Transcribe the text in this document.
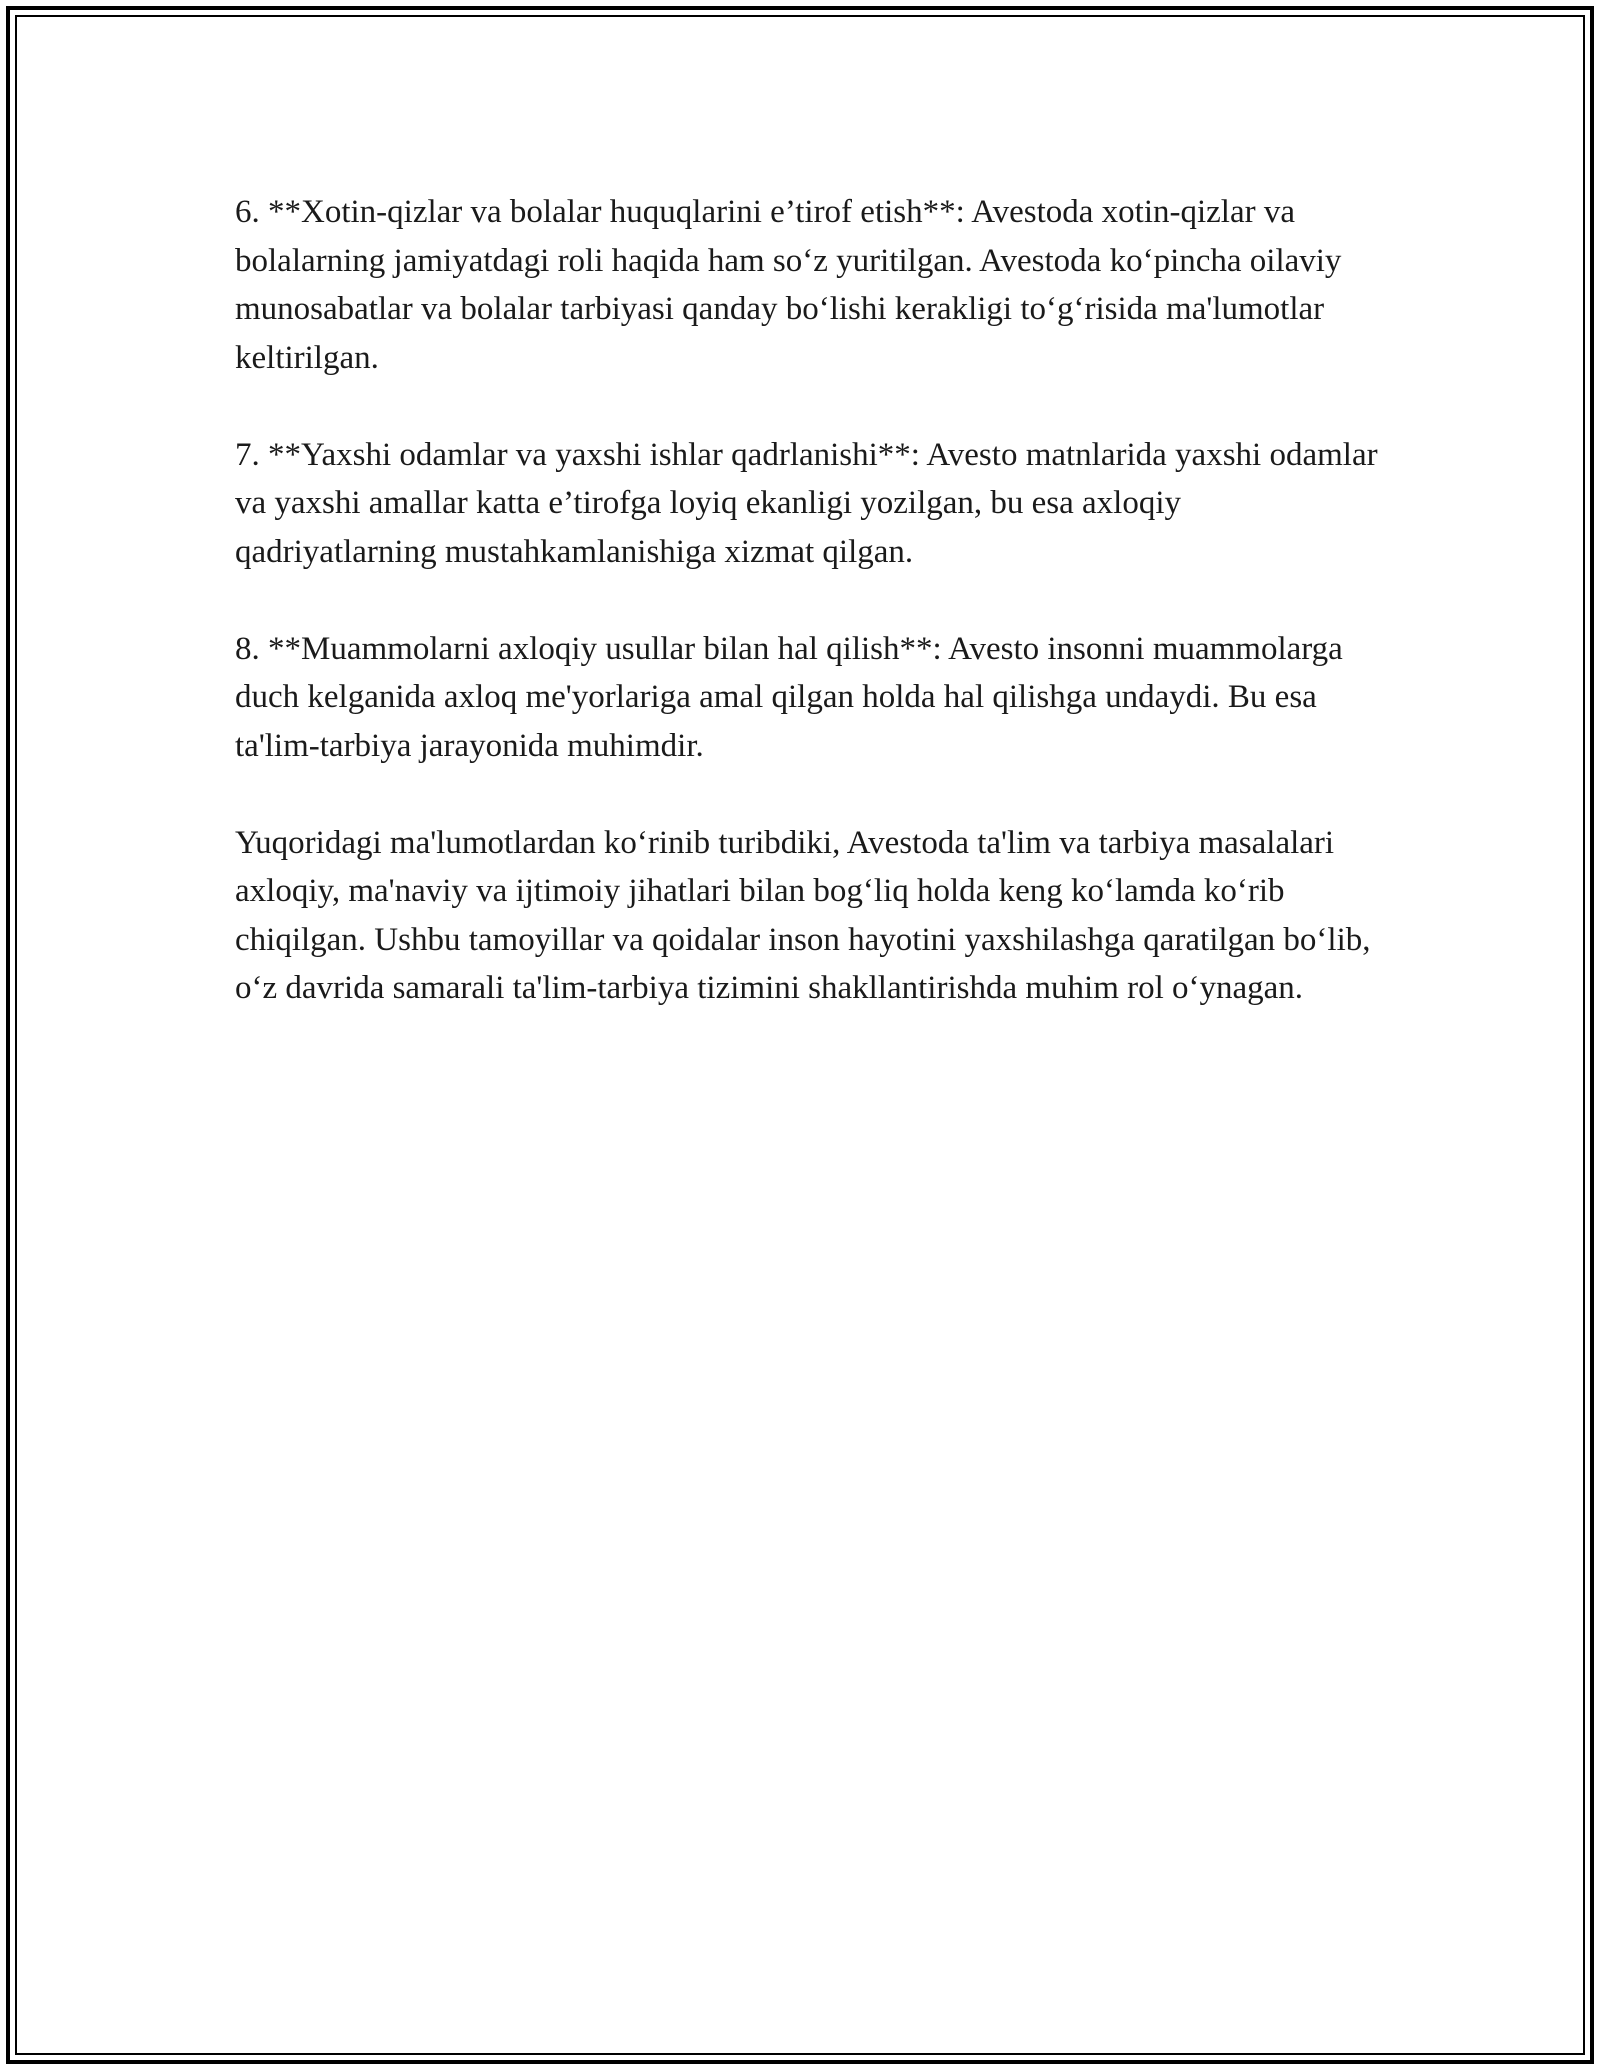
6. **Xotin-qizlar va bolalar huquqlarini e’tirof etish**: Avestoda xotin-qizlar va bolalarning jamiyatdagi roli haqida ham so‘z yuritilgan. Avestoda ko‘pincha oilaviy munosabatlar va bolalar tarbiyasi qanday bo‘lishi kerakligi to‘g‘risida ma'lumotlar keltirilgan.

7. **Yaxshi odamlar va yaxshi ishlar qadrlanishi**: Avesto matnlarida yaxshi odamlar va yaxshi amallar katta e’tirofga loyiq ekanligi yozilgan, bu esa axloqiy qadriyatlarning mustahkamlanishiga xizmat qilgan.

8. **Muammolarni axloqiy usullar bilan hal qilish**: Avesto insonni muammolarga duch kelganida axloq me'yorlariga amal qilgan holda hal qilishga undaydi. Bu esa ta'lim-tarbiya jarayonida muhimdir.

Yuqoridagi ma'lumotlardan ko‘rinib turibdiki, Avestoda ta'lim va tarbiya masalalari axloqiy, ma'naviy va ijtimoiy jihatlari bilan bog‘liq holda keng ko‘lamda ko‘rib chiqilgan. Ushbu tamoyillar va qoidalar inson hayotini yaxshilashga qaratilgan bo‘lib, o‘z davrida samarali ta'lim-tarbiya tizimini shakllantirishda muhim rol o‘ynagan.
